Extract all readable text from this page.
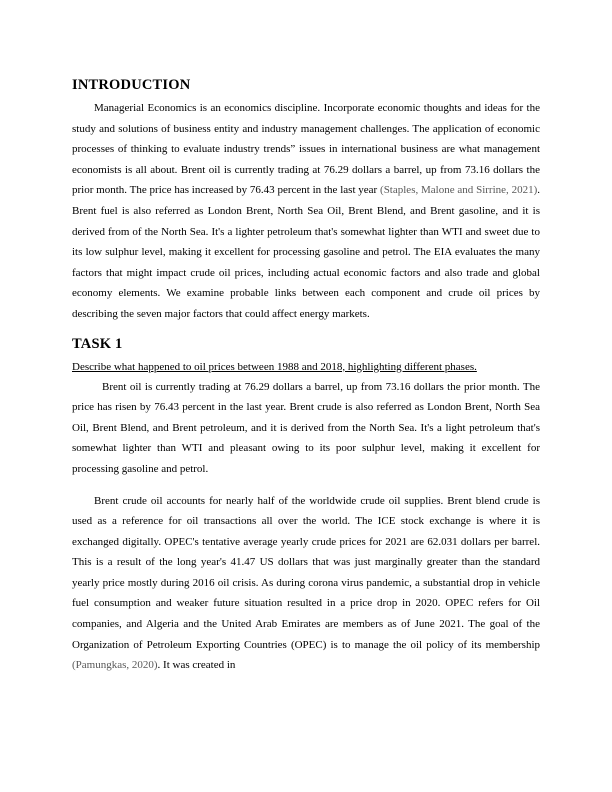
INTRODUCTION

Managerial Economics is an economics discipline. Incorporate economic thoughts and ideas for the study and solutions of business entity and industry management challenges. The application of economic processes of thinking to evaluate industry trends” issues in international business are what management economists is all about. Brent oil is currently trading at 76.29 dollars a barrel, up from 73.16 dollars the prior month. The price has increased by 76.43 percent in the last year (Staples, Malone and Sirrine, 2021). Brent fuel is also referred as London Brent, North Sea Oil, Brent Blend, and Brent gasoline, and it is derived from of the North Sea. It's a lighter petroleum that's somewhat lighter than WTI and sweet due to its low sulphur level, making it excellent for processing gasoline and petrol. The EIA evaluates the many factors that might impact crude oil prices, including actual economic factors and also trade and global economy elements. We examine probable links between each component and crude oil prices by describing the seven major factors that could affect energy markets.

TASK 1

Describe what happened to oil prices between 1988 and 2018, highlighting different phases.

Brent oil is currently trading at 76.29 dollars a barrel, up from 73.16 dollars the prior month. The price has risen by 76.43 percent in the last year. Brent crude is also referred as London Brent, North Sea Oil, Brent Blend, and Brent petroleum, and it is derived from the North Sea. It's a light petroleum that's somewhat lighter than WTI and pleasant owing to its poor sulphur level, making it excellent for processing gasoline and petrol.

Brent crude oil accounts for nearly half of the worldwide crude oil supplies. Brent blend crude is used as a reference for oil transactions all over the world. The ICE stock exchange is where it is exchanged digitally. OPEC's tentative average yearly crude prices for 2021 are 62.031 dollars per barrel. This is a result of the long year's 41.47 US dollars that was just marginally greater than the standard yearly price mostly during 2016 oil crisis. As during corona virus pandemic, a substantial drop in vehicle fuel consumption and weaker future situation resulted in a price drop in 2020. OPEC refers for Oil companies, and Algeria and the United Arab Emirates are members as of June 2021. The goal of the Organization of Petroleum Exporting Countries (OPEC) is to manage the oil policy of its membership (Pamungkas, 2020). It was created in
